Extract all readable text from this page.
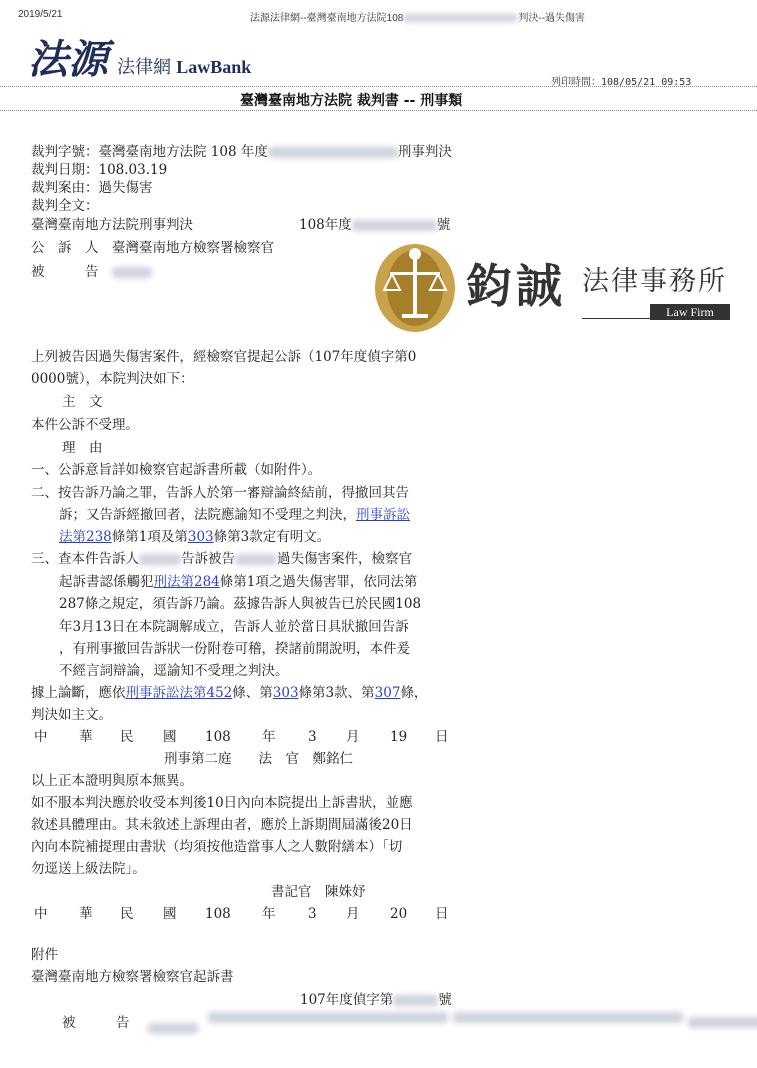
2019/5/21	法源法律網--臺灣臺南地方法院108	判決--過失傷害
法源 法律網 LawBank
列印時間：108/05/21 09:53
臺灣臺南地方法院 裁判書 -- 刑事類
裁判字號：臺灣臺南地方法院 108 年度	刑事判決
裁判日期：108.03.19
裁判案由：過失傷害
裁判全文：
臺灣臺南地方法院刑事判決	108年度	號
公　訴　人　 臺灣臺南地方檢察署檢察官
被　　　告　	鈞誠 法律事務所
Law Firm
上列被告因過失傷害案件，經檢察官提起公訴（107年度偵字第0
0000號），本院判決如下：
主　文
本件公訴不受理。
理　由
一、公訴意旨詳如檢察官起訴書所載（如附件）。
二、按告訴乃論之罪，告訴人於第一審辯論終結前，得撤回其告
訴；又告訴經撤回者，法院應諭知不受理之判決，刑事訴訟
法第238條第1項及第303條第3款定有明文。
三、查本件告訴人	告訴被告	過失傷害案件，檢察官
起訴書認係觸犯刑法第284條第1項之過失傷害罪，依同法第
287條之規定，須告訴乃論。茲據告訴人與被告已於民國108
年3月13日在本院調解成立，告訴人並於當日具狀撤回告訴
，有刑事撤回告訴狀一份附卷可稽，揆諸前開說明，本件爰
不經言詞辯論，逕諭知不受理之判決。
據上論斷，應依刑事訴訟法第452條、第303條第3款、第307條，
判決如主文。
中 華 民 國 108 年 3 月 19 日
刑事第二庭　　法　官　鄭銘仁
以上正本證明與原本無異。
如不服本判決應於收受本判後10日內向本院提出上訴書狀，並應
敘述具體理由。其未敘述上訴理由者，應於上訴期間屆滿後20日
內向本院補提理由書狀（均須按他造當事人之人數附繕本）「切
勿逕送上級法院」。
書記官　陳姝妤
中 華 民 國 108 年 3 月 20 日
附件
臺灣臺南地方檢察署檢察官起訴書
107年度偵字第	號
被　　　告
